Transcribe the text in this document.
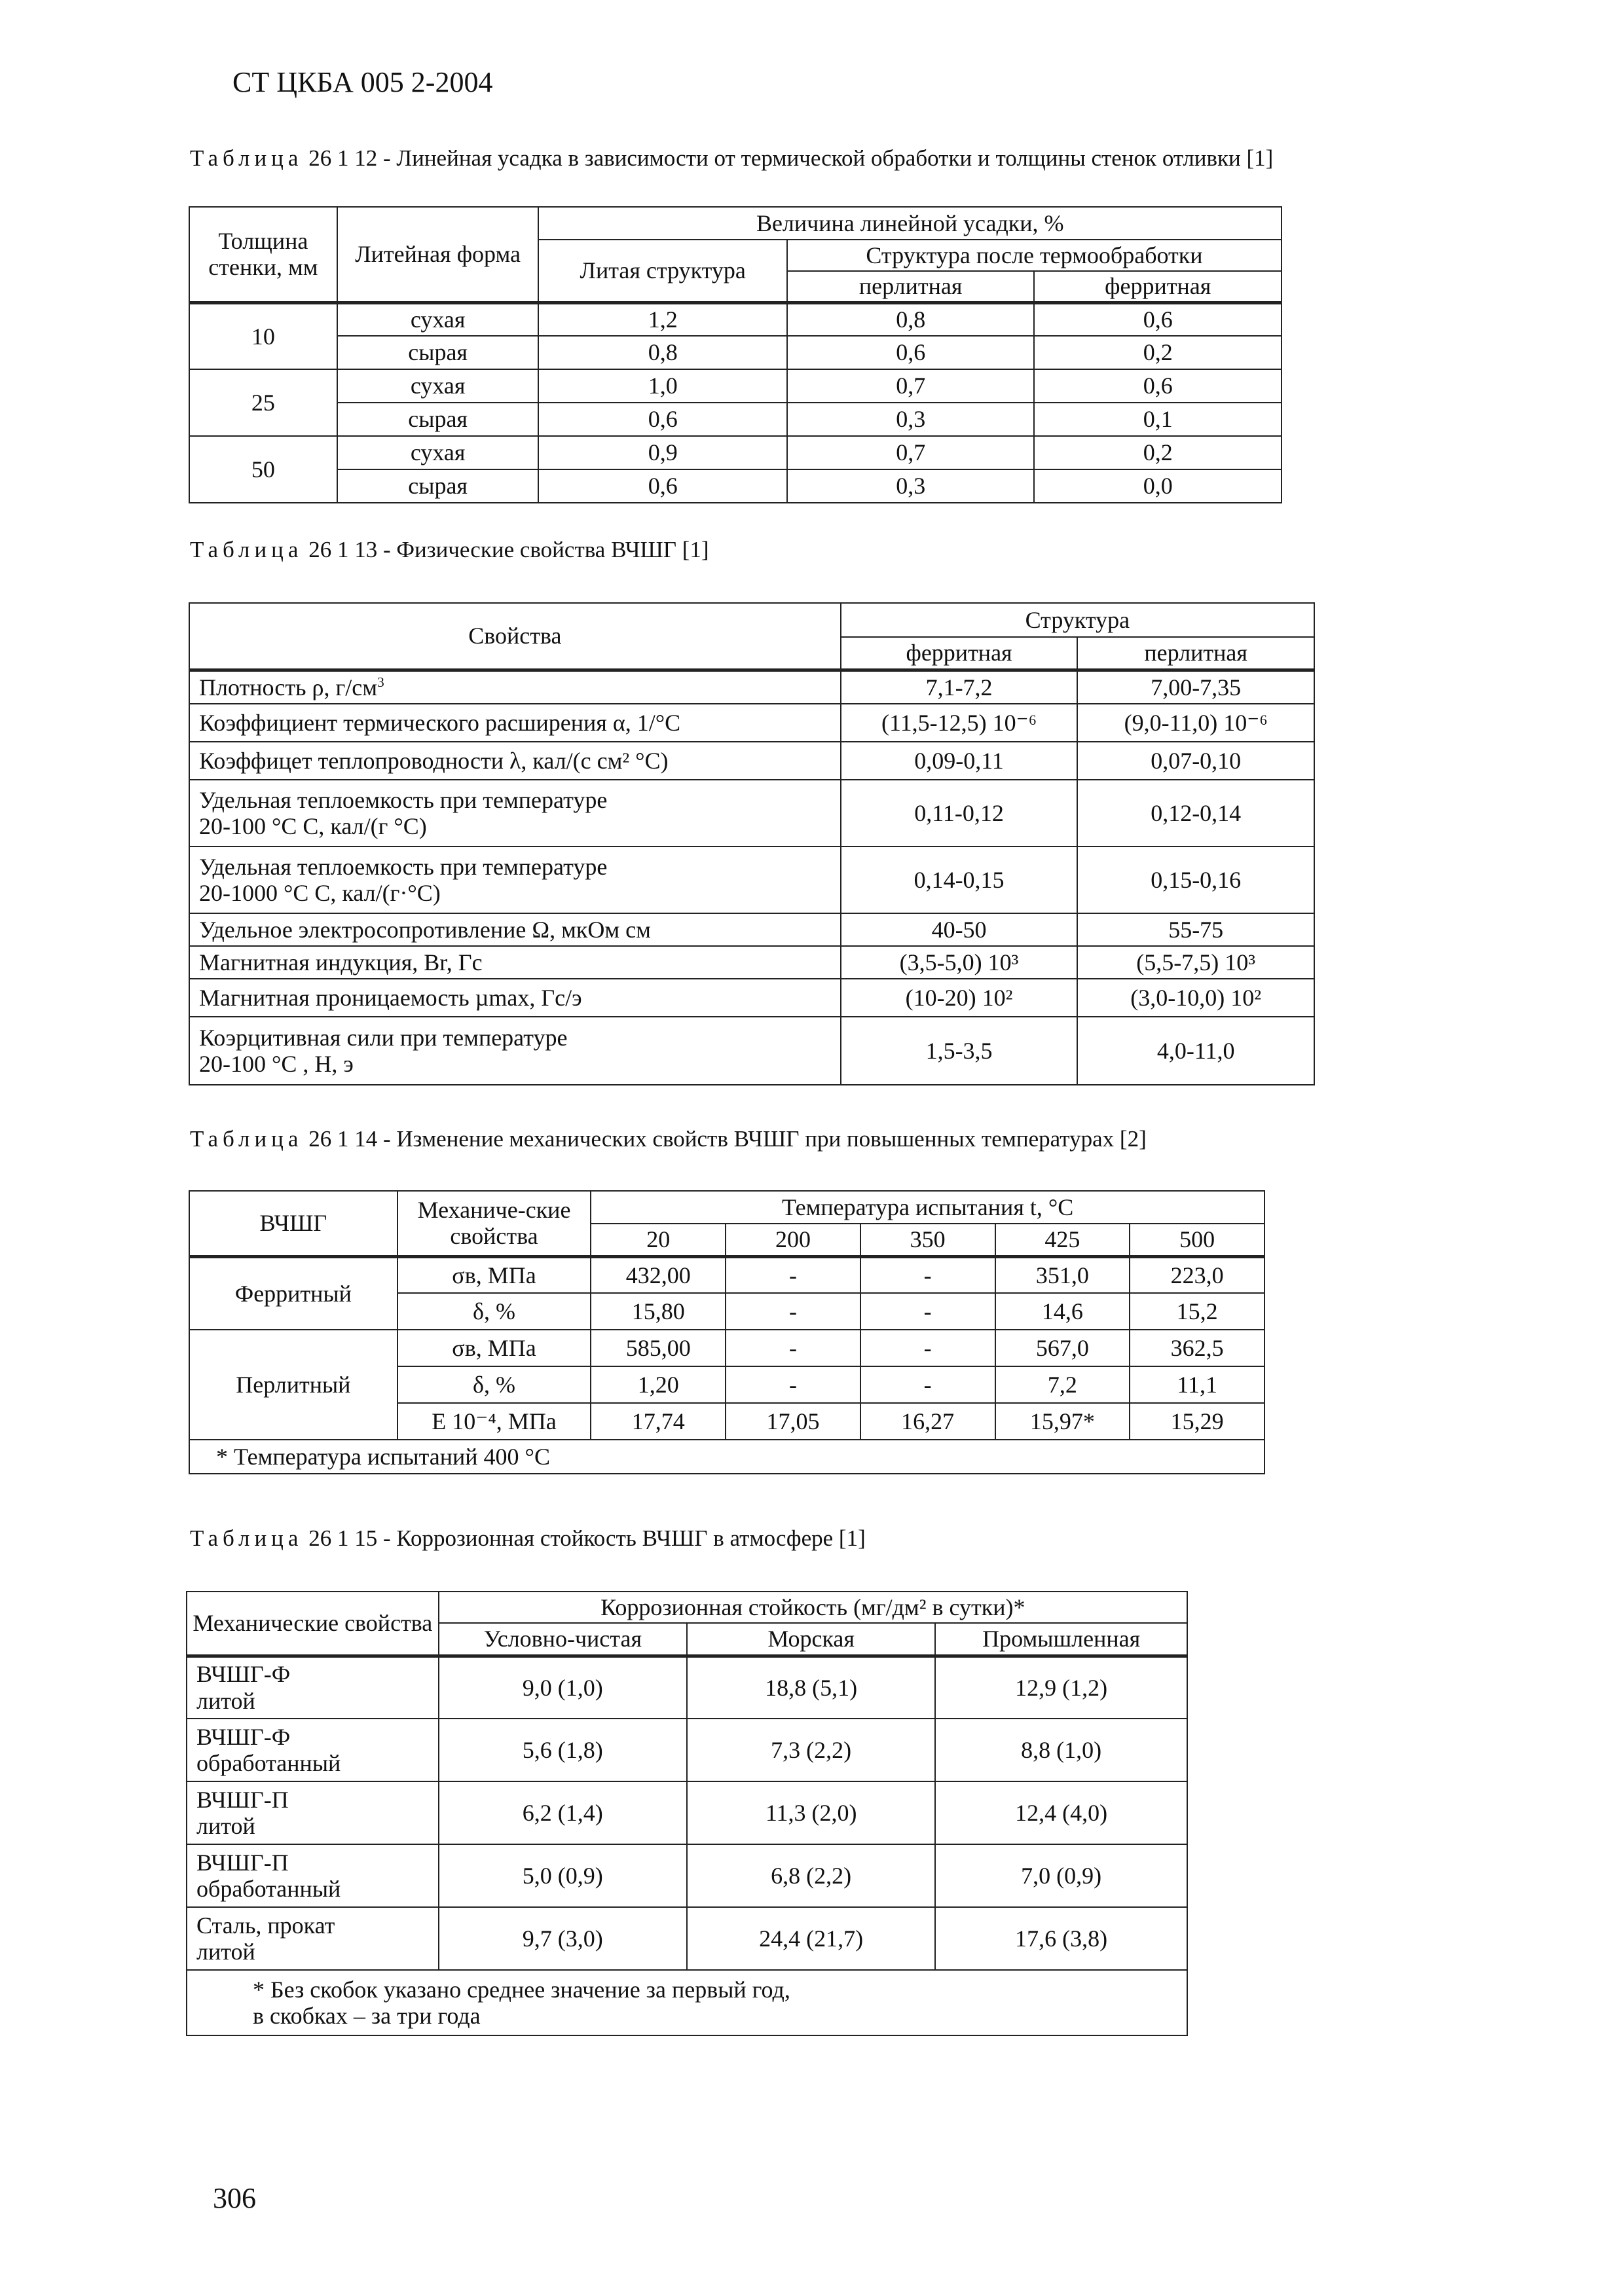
СТ ЦКБА 005 2-2004
Таблица 26 1 12 - Линейная усадка в зависимости от термической обработки и толщины стенок отливки [1]
Толщина стенки, мм	Литейная форма	Величина линейной усадки, %		
		Литая структура	Структура после термообработки	
			перлитная	ферритная
10	сухая	1,2	0,8	0,6
	сырая	0,8	0,6	0,2
25	сухая	1,0	0,7	0,6
	сырая	0,6	0,3	0,1
50	сухая	0,9	0,7	0,2
	сырая	0,6	0,3	0,0
Таблица 26 1 13 - Физические свойства ВЧШГ [1]
Свойства	Структура	
	ферритная	перлитная
Плотность ρ, $г/см^3$	7,1-7,2	7,00-7,35
Коэффициент термического расширения α, 1/°С	(11,5-12,5) 10⁻⁶	(9,0-11,0) 10⁻⁶
Коэффицет теплопроводности λ, кал/(с см² °С)	0,09-0,11	0,07-0,10

Удельная теплоемкость при температуре
20-100 °С С, кал/(г °С)	0,11-0,12	0,12-0,14

Удельная теплоемкость при температуре
20-1000 °С С, кал/(г·°С)	0,14-0,15	0,15-0,16
Удельное электросопротивление Ω, мкОм см	40-50	55-75
Магнитная индукция, Вr, Гс	(3,5-5,0) 10³	(5,5-7,5) 10³
Магнитная проницаемость µmax, Гс/э	(10-20) 10²	(3,0-10,0) 10²

Коэрцитивная сили при температуре
20-100 °С , Н, э	1,5-3,5	4,0-11,0
Таблица 26 1 14 - Изменение механических свойств ВЧШГ при повышенных температурах [2]
ВЧШГ	Механиче-ские свойства	Температура испытания t, °С				
		20	200	350	425	500
Ферритный	σв, МПа	432,00	-	-	351,0	223,0
	δ, %	15,80	-	-	14,6	15,2
Перлитный	σв, МПа	585,00	-	-	567,0	362,5
	δ, %	1,20	-	-	7,2	11,1
	E 10⁻⁴, МПа	17,74	17,05	16,27	15,97*	15,29
* Температура испытаний 400 °С						
Таблица 26 1 15 - Коррозионная стойкость ВЧШГ в атмосфере [1]
Механические свойства	Коррозионная стойкость (мг/дм² в сутки)*		
	Условно-чистая	Морская	Промышленная

ВЧШГ-Ф
литой	9,0 (1,0)	18,8 (5,1)	12,9 (1,2)

ВЧШГ-Ф
обработанный	5,6 (1,8)	7,3 (2,2)	8,8 (1,0)

ВЧШГ-П
литой	6,2 (1,4)	11,3 (2,0)	12,4 (4,0)

ВЧШГ-П
обработанный	5,0 (0,9)	6,8 (2,2)	7,0 (0,9)

Сталь, прокат
литой	9,7 (3,0)	24,4 (21,7)	17,6 (3,8)

* Без скобок указано среднее значение за первый год,
в скобках – за три года			
306
